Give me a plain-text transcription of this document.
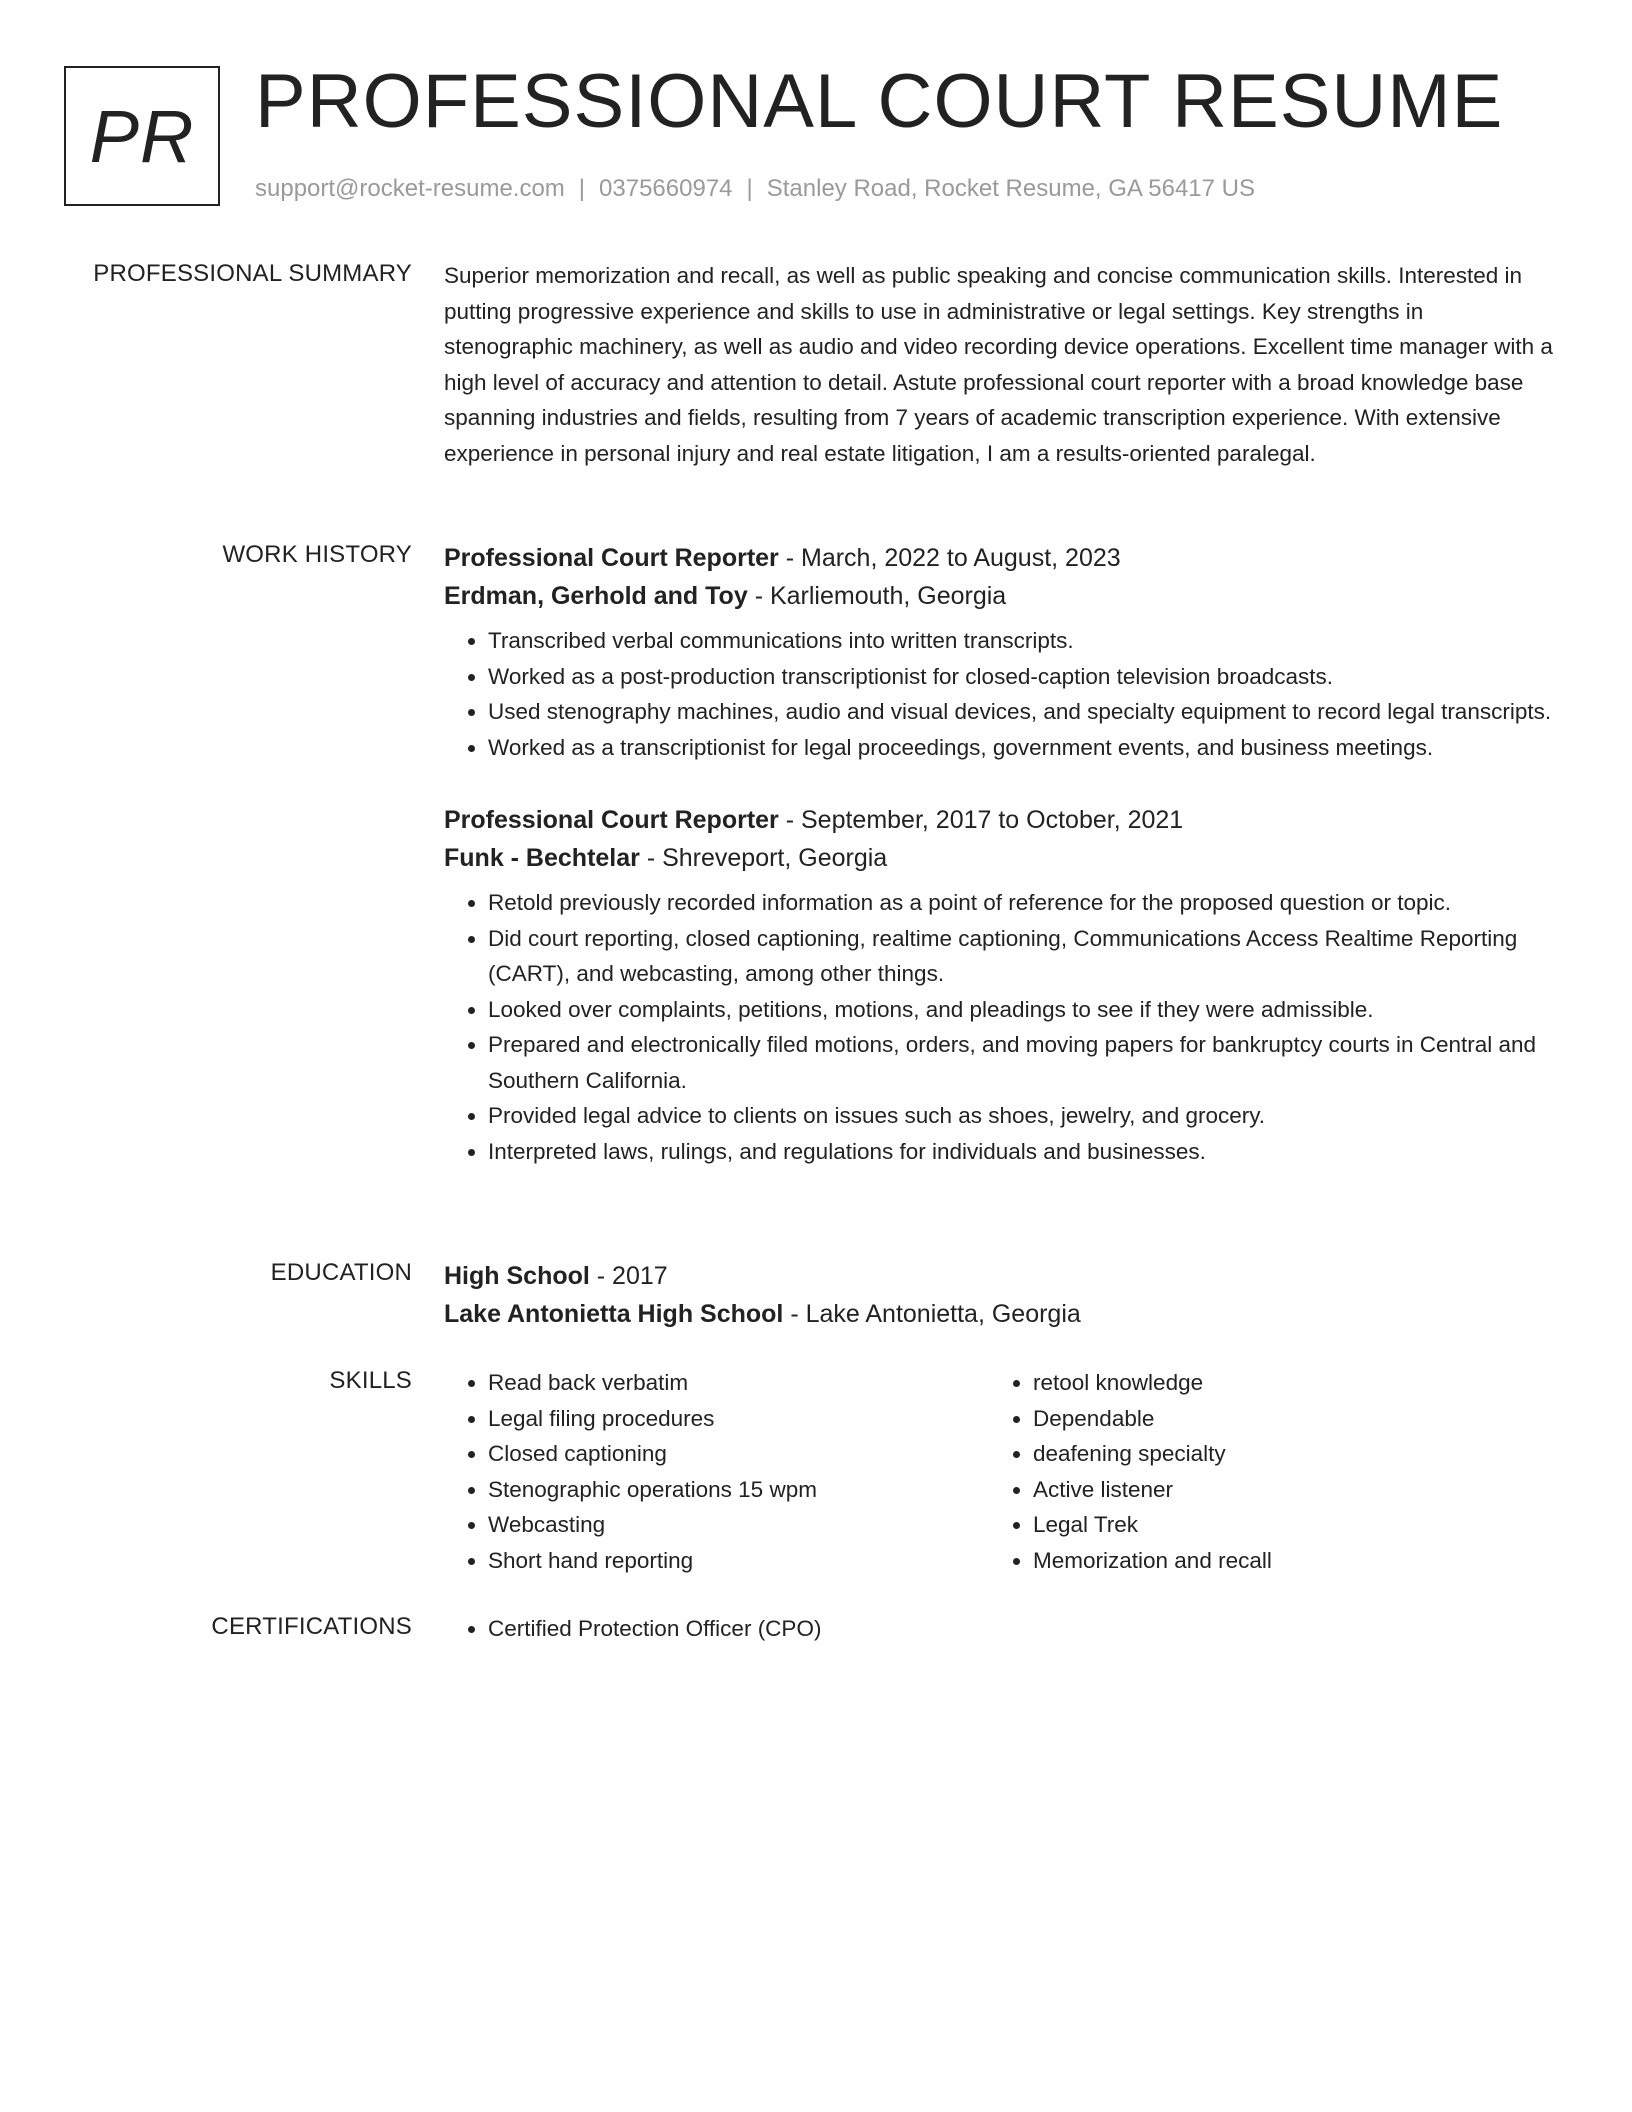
PR PROFESSIONAL COURT RESUME
support@rocket-resume.com | 0375660974 | Stanley Road, Rocket Resume, GA 56417 US
PROFESSIONAL SUMMARY Superior memorization and recall, as well as public speaking and concise communication skills. Interested in putting progressive experience and skills to use in administrative or legal settings. Key strengths in stenographic machinery, as well as audio and video recording device operations. Excellent time manager with a high level of accuracy and attention to detail. Astute professional court reporter with a broad knowledge base spanning industries and fields, resulting from 7 years of academic transcription experience. With extensive experience in personal injury and real estate litigation, I am a results-oriented paralegal.

WORK HISTORY Professional Court Reporter - March, 2022 to August, 2023
Erdman, Gerhold and Toy - Karliemouth, Georgia
• Transcribed verbal communications into written transcripts.
• Worked as a post-production transcriptionist for closed-caption television broadcasts.
• Used stenography machines, audio and visual devices, and specialty equipment to record legal transcripts.
• Worked as a transcriptionist for legal proceedings, government events, and business meetings.
Professional Court Reporter - September, 2017 to October, 2021
Funk - Bechtelar - Shreveport, Georgia
• Retold previously recorded information as a point of reference for the proposed question or topic.
• Did court reporting, closed captioning, realtime captioning, Communications Access Realtime Reporting (CART), and webcasting, among other things.
• Looked over complaints, petitions, motions, and pleadings to see if they were admissible.
• Prepared and electronically filed motions, orders, and moving papers for bankruptcy courts in Central and Southern California.
• Provided legal advice to clients on issues such as shoes, jewelry, and grocery.
• Interpreted laws, rulings, and regulations for individuals and businesses.
EDUCATION High School - 2017
Lake Antonietta High School - Lake Antonietta, Georgia
SKILLS	• Read back verbatim
• Legal filing procedures
• Closed captioning
• Stenographic operations 15 wpm
• Webcasting
• Short hand reporting
• retool knowledge
• Dependable
• deafening specialty
• Active listener
• Legal Trek
• Memorization and recall
CERTIFICATIONS	• Certified Protection Officer (CPO)
